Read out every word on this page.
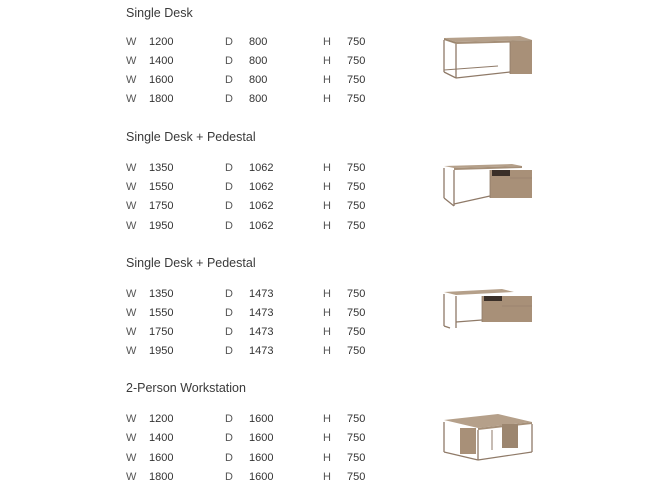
Single Desk
W 1200	D 800	H 750
W 1400	D 800	H 750
W 1600	D 800	H 750
W 1800	D 800	H 750
Single Desk + Pedestal
W 1350	D 1062	H 750
W 1550	D 1062	H 750
W 1750	D 1062	H 750
W 1950	D 1062	H 750
Single Desk + Pedestal
W 1350	D 1473	H 750
W 1550	D 1473	H 750
W 1750	D 1473	H 750
W 1950	D 1473	H 750
2-Person Workstation
W 1200	D 1600	H 750
W 1400	D 1600	H 750
W 1600	D 1600	H 750
W 1800	D 1600	H 750
